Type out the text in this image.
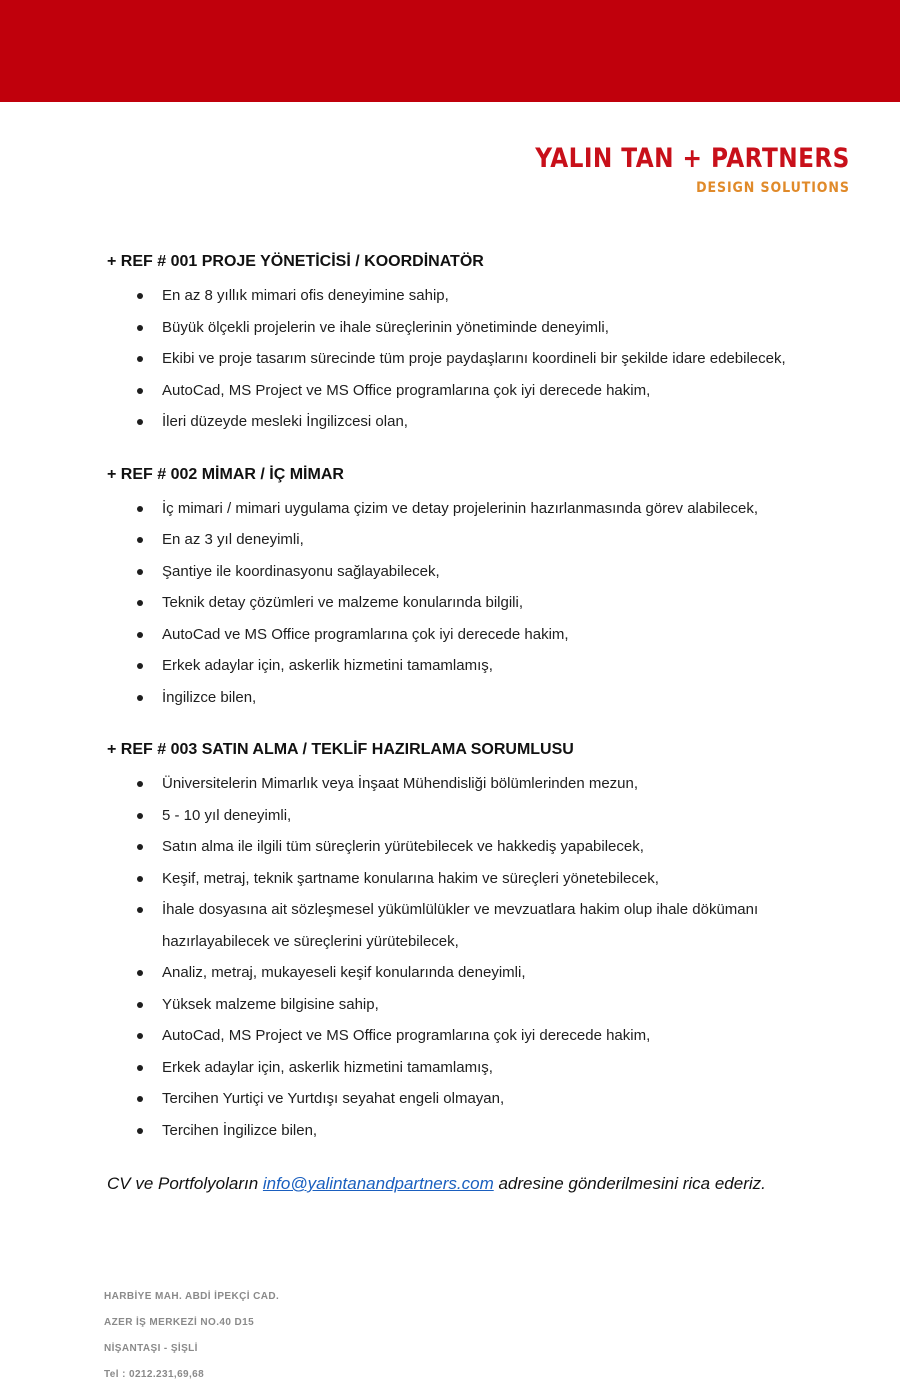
YALIN TAN + PARTNERS
DESIGN SOLUTIONS
+ REF # 001 PROJE YÖNETİCİSİ / KOORDİNATÖR
En az 8 yıllık mimari ofis deneyimine sahip,
Büyük ölçekli projelerin ve ihale süreçlerinin yönetiminde deneyimli,
Ekibi ve proje tasarım sürecinde tüm proje paydaşlarını koordineli bir şekilde idare edebilecek,
AutoCad, MS Project ve MS Office programlarına çok iyi derecede hakim,
İleri düzeyde mesleki İngilizcesi olan,
+ REF # 002 MİMAR / İÇ MİMAR
İç mimari / mimari uygulama çizim ve detay projelerinin hazırlanmasında görev alabilecek,
En az 3 yıl deneyimli,
Şantiye ile koordinasyonu sağlayabilecek,
Teknik detay çözümleri ve malzeme konularında bilgili,
AutoCad ve MS Office programlarına çok iyi derecede hakim,
Erkek adaylar için, askerlik hizmetini tamamlamış,
İngilizce bilen,
+ REF # 003 SATIN ALMA / TEKLİF HAZIRLAMA SORUMLUSU
Üniversitelerin Mimarlık veya İnşaat Mühendisliği bölümlerinden mezun,
5 - 10 yıl deneyimli,
Satın alma ile ilgili tüm süreçlerin yürütebilecek ve hakkediş yapabilecek,
Keşif, metraj, teknik şartname konularına hakim ve süreçleri yönetebilecek,
İhale dosyasına ait sözleşmesel yükümlülükler ve mevzuatlara hakim olup ihale dökümanı hazırlayabilecek ve süreçlerini yürütebilecek,
Analiz, metraj, mukayeseli keşif konularında deneyimli,
Yüksek malzeme bilgisine sahip,
AutoCad, MS Project ve MS Office programlarına çok iyi derecede hakim,
Erkek adaylar için, askerlik hizmetini tamamlamış,
Tercihen Yurtiçi ve Yurtdışı seyahat engeli olmayan,
Tercihen İngilizce bilen,
CV ve Portfolyoların info@yalintanandpartners.com adresine gönderilmesini rica ederiz.
HARBİYE MAH. ABDİ İPEKÇİ CAD.
AZER İŞ MERKEZİ NO.40 D15
NİŞANTAŞI - ŞİŞLİ
Tel : 0212.231,69,68
